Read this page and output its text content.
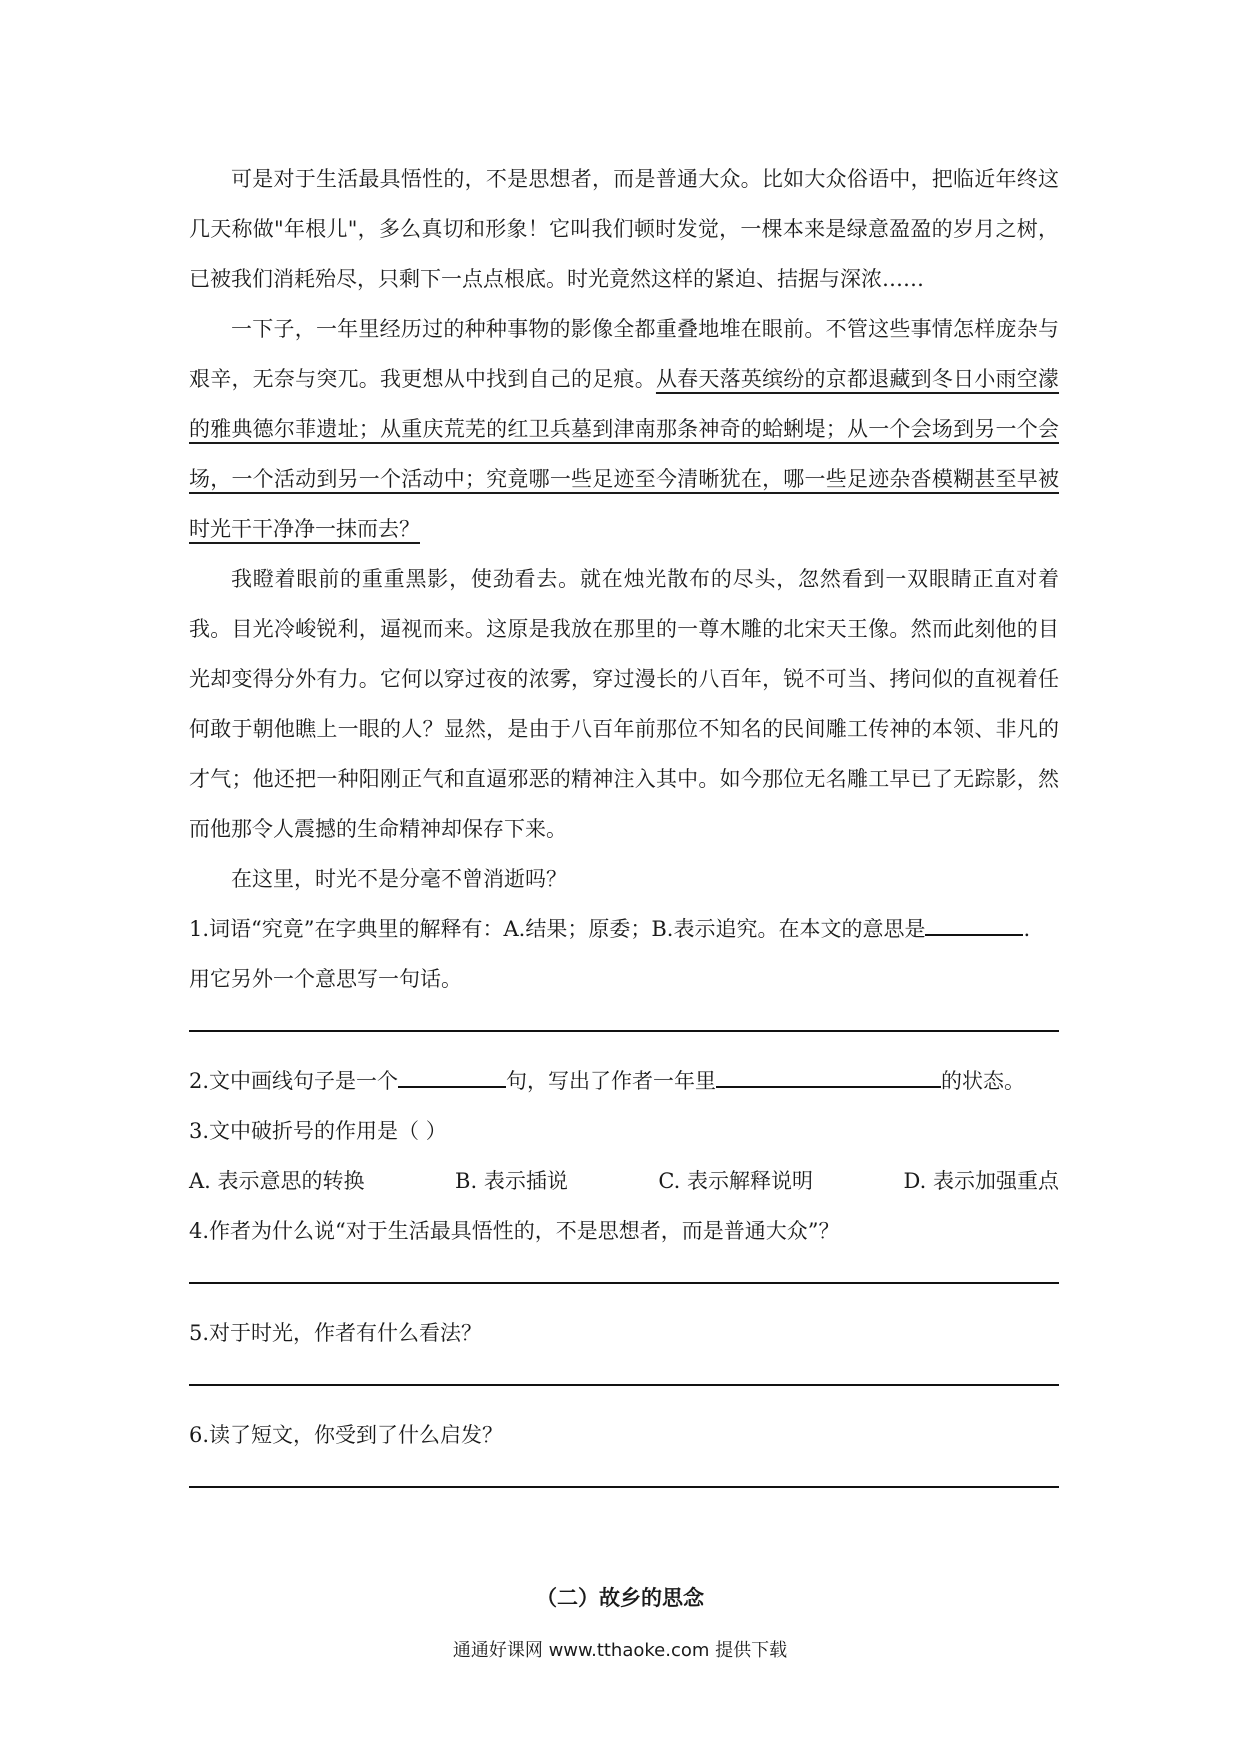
可是对于生活最具悟性的，不是思想者，而是普通大众。比如大众俗语中，把临近年终这几天称做"年根儿"，多么真切和形象！它叫我们顿时发觉，一棵本来是绿意盈盈的岁月之树，已被我们消耗殆尽，只剩下一点点根底。时光竟然这样的紧迫、拮据与深浓……

一下子，一年里经历过的种种事物的影像全都重叠地堆在眼前。不管这些事情怎样庞杂与艰辛，无奈与突兀。我更想从中找到自己的足痕。从春天落英缤纷的京都退藏到冬日小雨空濛的雅典德尔菲遗址；从重庆荒芜的红卫兵墓到津南那条神奇的蛤蜊堤；从一个会场到另一个会场，一个活动到另一个活动中；究竟哪一些足迹至今清晰犹在，哪一些足迹杂沓模糊甚至早被时光干干净净一抹而去？

我瞪着眼前的重重黑影，使劲看去。就在烛光散布的尽头，忽然看到一双眼睛正直对着我。目光冷峻锐利，逼视而来。这原是我放在那里的一尊木雕的北宋天王像。然而此刻他的目光却变得分外有力。它何以穿过夜的浓雾，穿过漫长的八百年，锐不可当、拷问似的直视着任何敢于朝他瞧上一眼的人？显然，是由于八百年前那位不知名的民间雕工传神的本领、非凡的才气；他还把一种阳刚正气和直逼邪恶的精神注入其中。如今那位无名雕工早已了无踪影，然而他那令人震撼的生命精神却保存下来。

在这里，时光不是分毫不曾消逝吗？

1.词语“究竟”在字典里的解释有：A.结果；原委；B.表示追究。在本文的意思是	.

用它另外一个意思写一句话。

2.文中画线句子是一个	句，写出了作者一年里	的状态。

3.文中破折号的作用是（ ）

A. 表示意思的转换	B. 表示插说	C. 表示解释说明	D. 表示加强重点

4.作者为什么说“对于生活最具悟性的，不是思想者，而是普通大众”？

5.对于时光，作者有什么看法？

6.读了短文，你受到了什么启发？

（二）故乡的思念
通通好课网 www.tthaoke.com 提供下载
